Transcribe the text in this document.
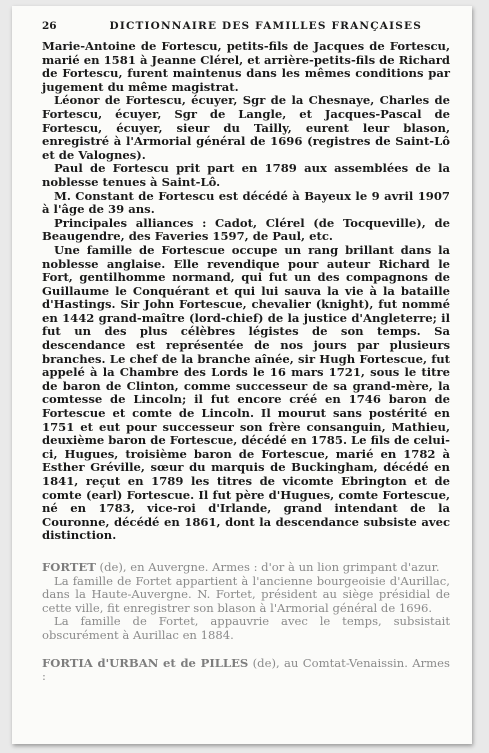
26	DICTIONNAIRE DES FAMILLES FRANÇAISES

Marie-Antoine de Fortescu, petits-fils de Jacques de Fortescu, marié en 1581 à Jeanne Clérel, et arrière-petits-fils de Richard de Fortescu, furent maintenus dans les mêmes conditions par jugement du même magistrat.

Léonor de Fortescu, écuyer, Sgr de la Chesnaye, Charles de Fortescu, écuyer, Sgr de Langle, et Jacques-Pascal de Fortescu, écuyer, sieur du Tailly, eurent leur blason, enregistré à l'Armorial général de 1696 (registres de Saint-Lô et de Valognes).

Paul de Fortescu prit part en 1789 aux assemblées de la noblesse tenues à Saint-Lô.

M. Constant de Fortescu est décédé à Bayeux le 9 avril 1907 à l'âge de 39 ans.

Principales alliances : Cadot, Clérel (de Tocqueville), de Beaugendre, des Faveries 1597, de Paul, etc.

Une famille de Fortescue occupe un rang brillant dans la noblesse anglaise. Elle revendique pour auteur Richard le Fort, gentilhomme normand, qui fut un des compagnons de Guillaume le Conquérant et qui lui sauva la vie à la bataille d'Hastings. Sir John Fortescue, chevalier (knight), fut nommé en 1442 grand-maître (lord-chief) de la justice d'Angleterre; il fut un des plus célèbres légistes de son temps. Sa descendance est représentée de nos jours par plusieurs branches. Le chef de la branche aînée, sir Hugh Fortescue, fut appelé à la Chambre des Lords le 16 mars 1721, sous le titre de baron de Clinton, comme successeur de sa grand-mère, la comtesse de Lincoln; il fut encore créé en 1746 baron de Fortescue et comte de Lincoln. Il mourut sans postérité en 1751 et eut pour successeur son frère consanguin, Mathieu, deuxième baron de Fortescue, décédé en 1785. Le fils de celui-ci, Hugues, troisième baron de Fortescue, marié en 1782 à Esther Gréville, sœur du marquis de Buckingham, décédé en 1841, reçut en 1789 les titres de vicomte Ebrington et de comte (earl) Fortescue. Il fut père d'Hugues, comte Fortescue, né en 1783, vice-roi d'Irlande, grand intendant de la Couronne, décédé en 1861, dont la descendance subsiste avec distinction.

FORTET (de), en Auvergne. Armes : d'or à un lion grimpant d'azur.

La famille de Fortet appartient à l'ancienne bourgeoisie d'Aurillac, dans la Haute-Auvergne. N. Fortet, président au siège présidial de cette ville, fit enregistrer son blason à l'Armorial général de 1696.

La famille de Fortet, appauvrie avec le temps, subsistait obscurément à Aurillac en 1884.

FORTIA d'URBAN et de PILLES (de), au Comtat-Venaissin. Armes :
